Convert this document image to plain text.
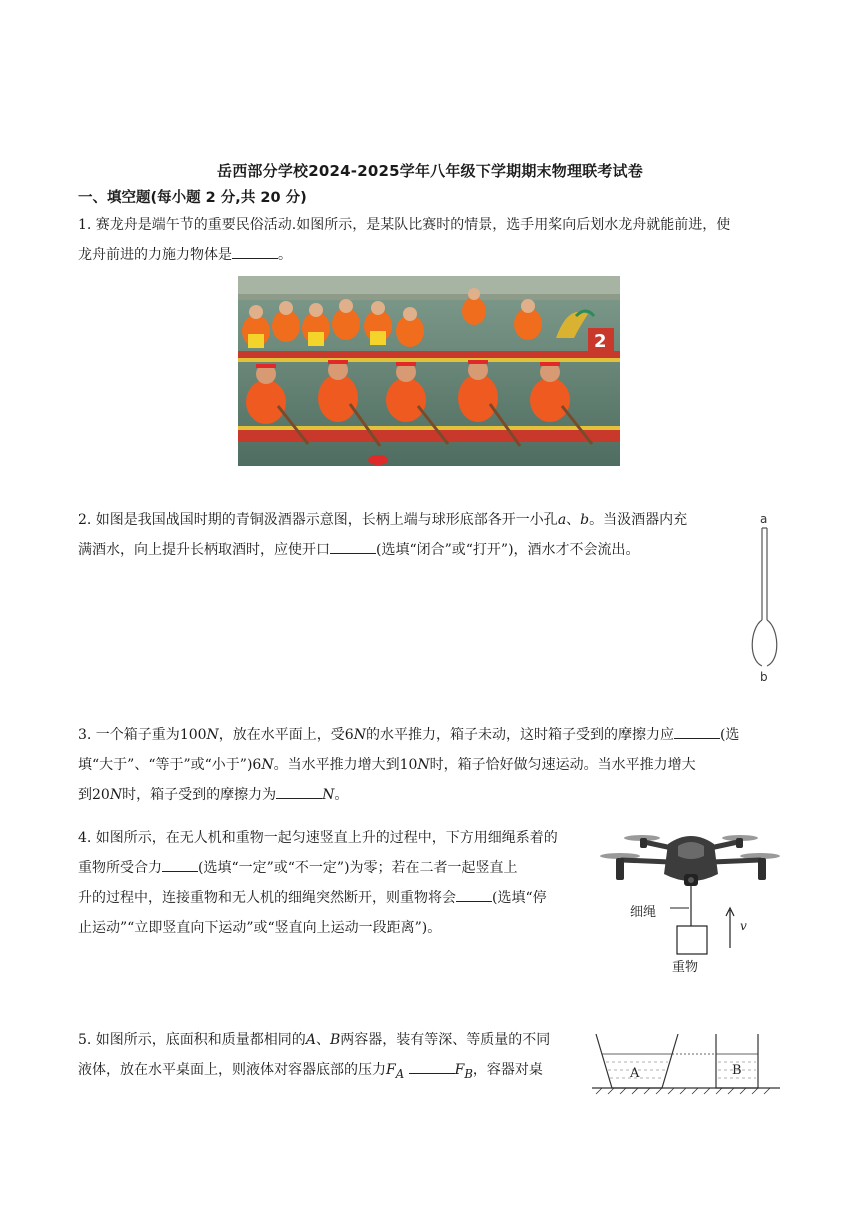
岳西部分学校2024-2025学年八年级下学期期末物理联考试卷
一、填空题(每小题 2 分,共 20 分)
1. 赛龙舟是端午节的重要民俗活动.如图所示，是某队比赛时的情景，选手用桨向后划水龙舟就能前进，使
龙舟前进的力施力物体是	。
2
2. 如图是我国战国时期的青铜汲酒器示意图，长柄上端与球形底部各开一小孔a、b。当汲酒器内充
满酒水，向上提升长柄取酒时，应使开口	(选填“闭合”或“打开”)，酒水才不会流出。
a
b
3. 一个箱子重为100N，放在水平面上，受6N的水平推力，箱子未动，这时箱子受到的摩擦力应	(选
填“大于”、“等于”或“小于”)6N。当水平推力增大到10N时，箱子恰好做匀速运动。当水平推力增大
到20N时，箱子受到的摩擦力为	N。
4. 如图所示，在无人机和重物一起匀速竖直上升的过程中，下方用细绳系着的
重物所受合力	(选填“一定”或“不一定”)为零；若在二者一起竖直上
升的过程中，连接重物和无人机的细绳突然断开，则重物将会	(选填“停
止运动”“立即竖直向下运动”或“竖直向上运动一段距离”)。
细绳
重物
v
5. 如图所示，底面积和质量都相同的A、B两容器，装有等深、等质量的不同
液体，放在水平桌面上，则液体对容器底部的压力$F_A$	$F_B$，容器对桌	A	B
